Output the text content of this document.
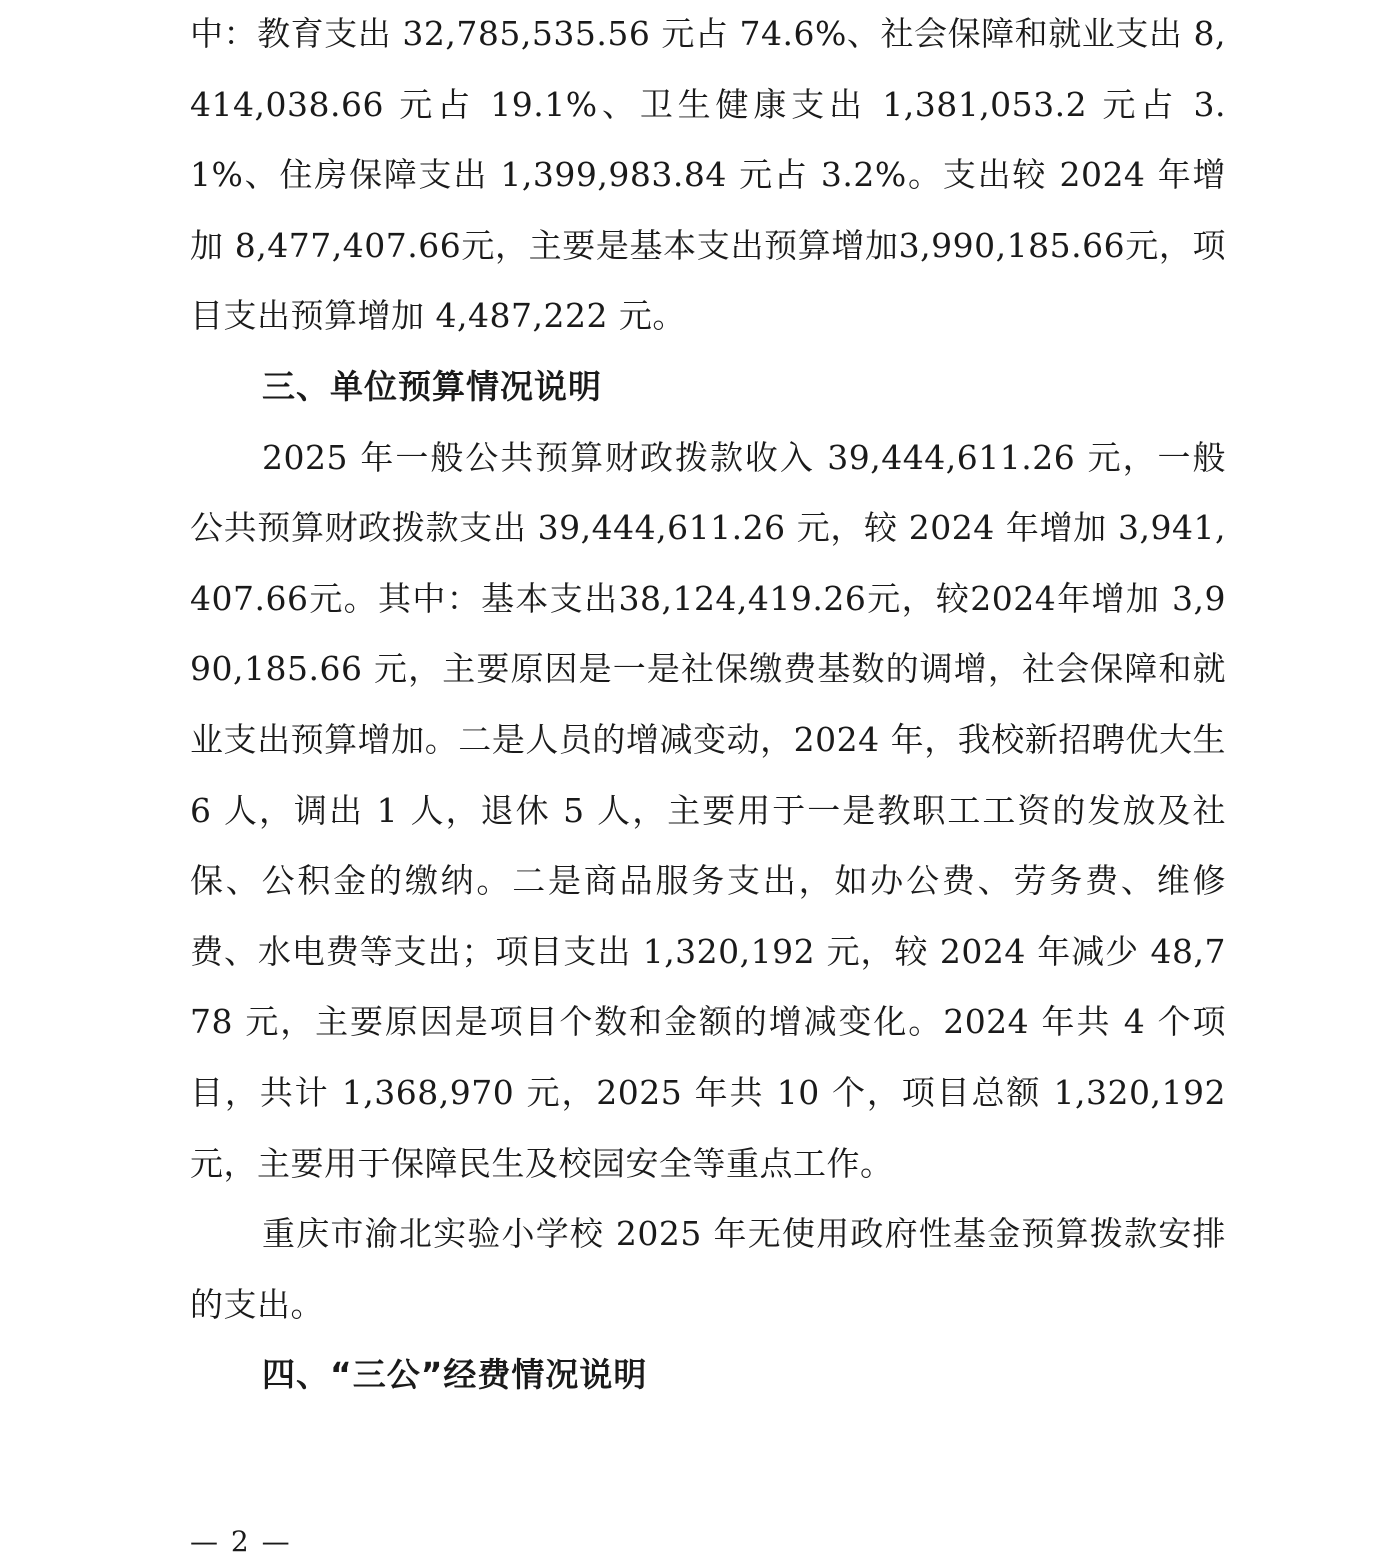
中：教育支出 32,785,535.56 元占 74.6%、社会保障和就业支出 8,414,038.66 元占 19.1%、卫生健康支出 1,381,053.2 元占 3.1%、住房保障支出 1,399,983.84 元占 3.2%。支出较 2024 年增加 8,477,407.66元，主要是基本支出预算增加3,990,185.66元，项目支出预算增加 4,487,222 元。

三、单位预算情况说明

2025 年一般公共预算财政拨款收入 39,444,611.26 元，一般公共预算财政拨款支出 39,444,611.26 元，较 2024 年增加 3,941,407.66元。其中：基本支出38,124,419.26元，较2024年增加 3,990,185.66 元，主要原因是一是社保缴费基数的调增，社会保障和就业支出预算增加。二是人员的增减变动，2024 年，我校新招聘优大生 6 人，调出 1 人，退休 5 人，主要用于一是教职工工资的发放及社保、公积金的缴纳。二是商品服务支出，如办公费、劳务费、维修费、水电费等支出；项目支出 1,320,192 元，较 2024 年减少 48,778 元，主要原因是项目个数和金额的增减变化。2024 年共 4 个项目，共计 1,368,970 元，2025 年共 10 个，项目总额 1,320,192 元，主要用于保障民生及校园安全等重点工作。

重庆市渝北实验小学校 2025 年无使用政府性基金预算拨款安排的支出。

四、“三公”经费情况说明
— 2 —
